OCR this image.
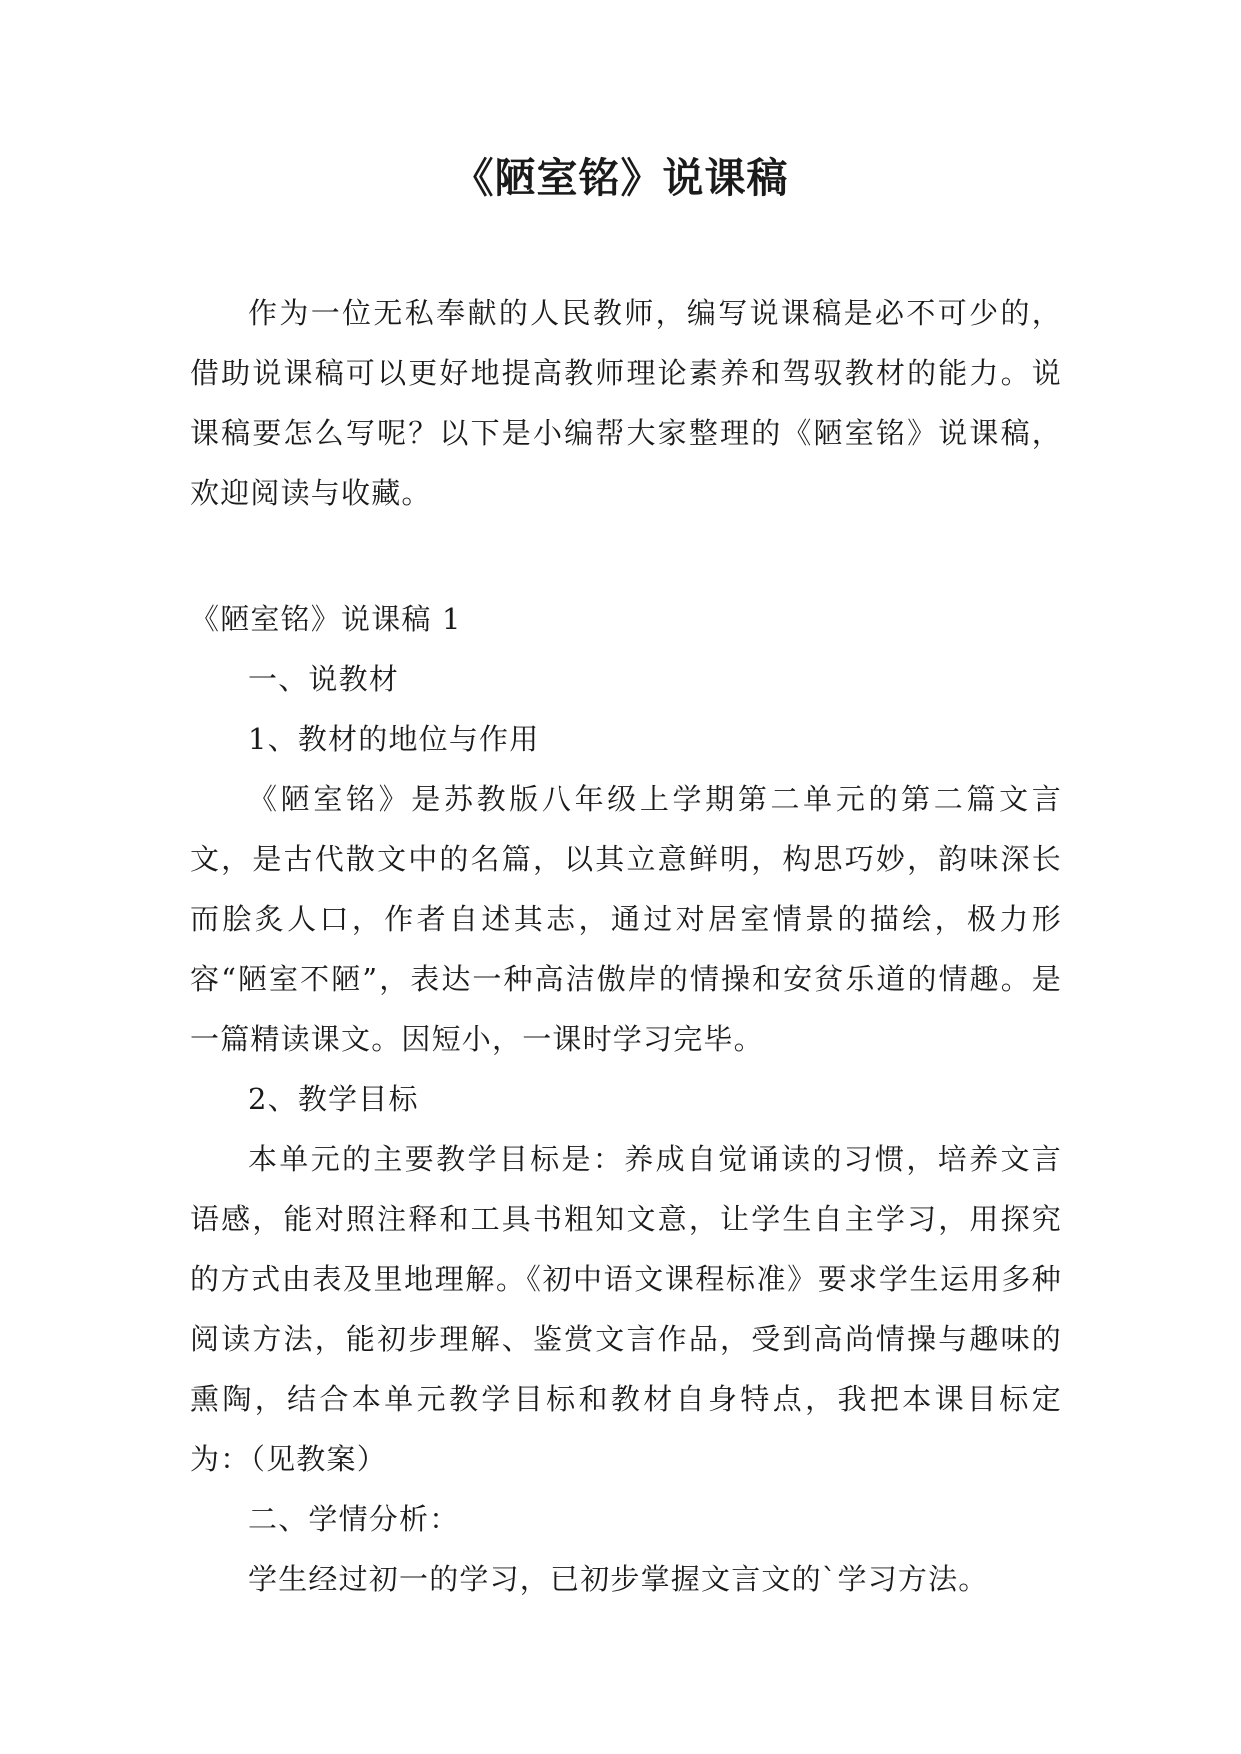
《陋室铭》说课稿

作为一位无私奉献的人民教师，编写说课稿是必不可少的，借助说课稿可以更好地提高教师理论素养和驾驭教材的能力。说课稿要怎么写呢？以下是小编帮大家整理的《陋室铭》说课稿，欢迎阅读与收藏。

《陋室铭》说课稿 1

一、说教材

1、教材的地位与作用

《陋室铭》是苏教版八年级上学期第二单元的第二篇文言文，是古代散文中的名篇，以其立意鲜明，构思巧妙，韵味深长而脍炙人口，作者自述其志，通过对居室情景的描绘，极力形容“陋室不陋”，表达一种高洁傲岸的情操和安贫乐道的情趣。是一篇精读课文。因短小，一课时学习完毕。

2、教学目标

本单元的主要教学目标是：养成自觉诵读的习惯，培养文言语感，能对照注释和工具书粗知文意，让学生自主学习，用探究的方式由表及里地理解。《初中语文课程标准》要求学生运用多种阅读方法，能初步理解、鉴赏文言作品，受到高尚情操与趣味的熏陶，结合本单元教学目标和教材自身特点，我把本课目标定为：（见教案）

二、学情分析：

学生经过初一的学习，已初步掌握文言文的`学习方法。
